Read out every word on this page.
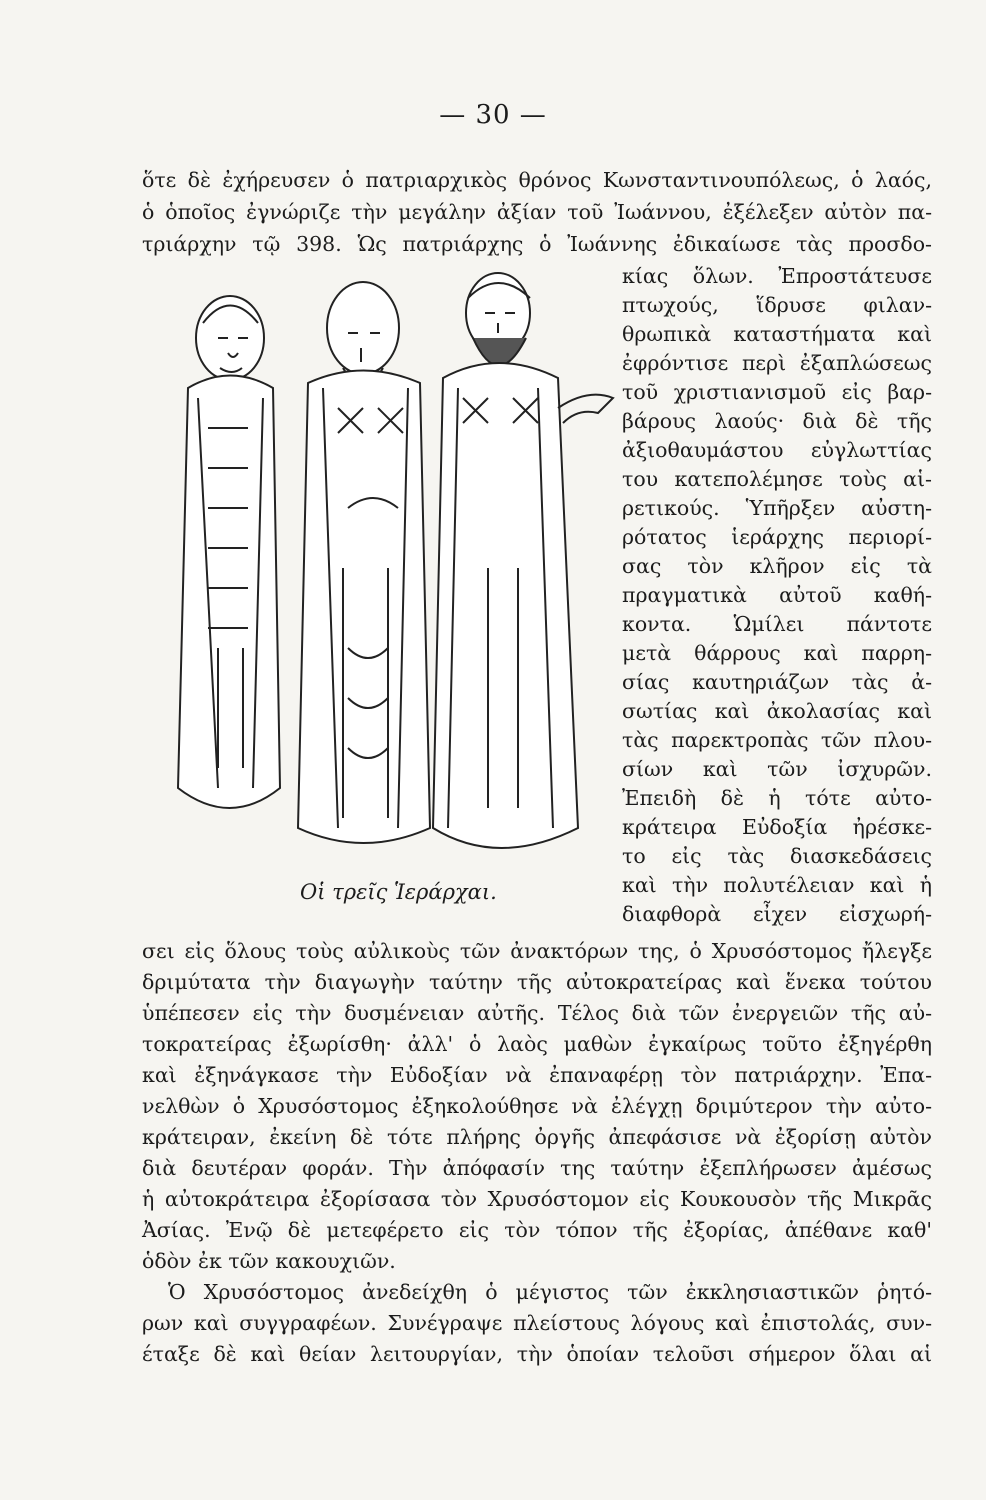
— 30 —
ὅτε δὲ ἐχήρευσεν ὁ πατριαρχικὸς θρόνος Κωνσταντινουπόλεως, ὁ λαός,
ὁ ὁποῖος ἐγνώριζε τὴν μεγάλην ἀξίαν τοῦ Ἰωάννου, ἐξέλεξεν αὐτὸν πα-
τριάρχην τῷ 398. Ὡς πατριάρχης ὁ Ἰωάννης ἐδικαίωσε τὰς προσδο-
κίας ὅλων. Ἐπροστάτευσε
πτωχούς, ἵδρυσε φιλαν-
θρωπικὰ καταστήματα καὶ
ἐφρόντισε περὶ ἐξαπλώσεως
τοῦ χριστιανισμοῦ εἰς βαρ-
βάρους λαούς· διὰ δὲ τῆς
ἀξιοθαυμάστου εὐγλωττίας
του κατεπολέμησε τοὺς αἱ-
ρετικούς. Ὑπῆρξεν αὐστη-
ρότατος ἱεράρχης περιορί-
σας τὸν κλῆρον εἰς τὰ
πραγματικὰ αὐτοῦ καθή-
κοντα. Ὡμίλει πάντοτε
μετὰ θάρρους καὶ παρρη-
σίας καυτηριάζων τὰς ἀ-
σωτίας καὶ ἀκολασίας καὶ
τὰς παρεκτροπὰς τῶν πλου-
σίων καὶ τῶν ἰσχυρῶν.
Ἐπειδὴ δὲ ἡ τότε αὐτο-
κράτειρα Εὐδοξία ἠρέσκε-
το εἰς τὰς διασκεδάσεις
καὶ τὴν πολυτέλειαν καὶ ἡ
διαφθορὰ εἶχεν εἰσχωρή-
Οἱ τρεῖς Ἱεράρχαι.
σει εἰς ὅλους τοὺς αὐλικοὺς τῶν ἀνακτόρων της, ὁ Χρυσόστομος ἤλεγξε
δριμύτατα τὴν διαγωγὴν ταύτην τῆς αὐτοκρατείρας καὶ ἕνεκα τούτου
ὑπέπεσεν εἰς τὴν δυσμένειαν αὐτῆς. Τέλος διὰ τῶν ἐνεργειῶν τῆς αὐ-
τοκρατείρας ἐξωρίσθη· ἀλλ' ὁ λαὸς μαθὼν ἐγκαίρως τοῦτο ἐξηγέρθη
καὶ ἐξηνάγκασε τὴν Εὐδοξίαν νὰ ἐπαναφέρῃ τὸν πατριάρχην. Ἐπα-
νελθὼν ὁ Χρυσόστομος ἐξηκολούθησε νὰ ἐλέγχῃ δριμύτερον τὴν αὐτο-
κράτειραν, ἐκείνη δὲ τότε πλήρης ὀργῆς ἀπεφάσισε νὰ ἐξορίσῃ αὐτὸν
διὰ δευτέραν φοράν. Τὴν ἀπόφασίν της ταύτην ἐξεπλήρωσεν ἀμέσως
ἡ αὐτοκράτειρα ἐξορίσασα τὸν Χρυσόστομον εἰς Κουκουσὸν τῆς Μικρᾶς
Ἀσίας. Ἐνῷ δὲ μετεφέρετο εἰς τὸν τόπον τῆς ἐξορίας, ἀπέθανε καθ'
ὁδὸν ἐκ τῶν κακουχιῶν.
Ὁ Χρυσόστομος ἀνεδείχθη ὁ μέγιστος τῶν ἐκκλησιαστικῶν ῥητό-
ρων καὶ συγγραφέων. Συνέγραψε πλείστους λόγους καὶ ἐπιστολάς, συν-
έταξε δὲ καὶ θείαν λειτουργίαν, τὴν ὁποίαν τελοῦσι σήμερον ὅλαι αἱ
